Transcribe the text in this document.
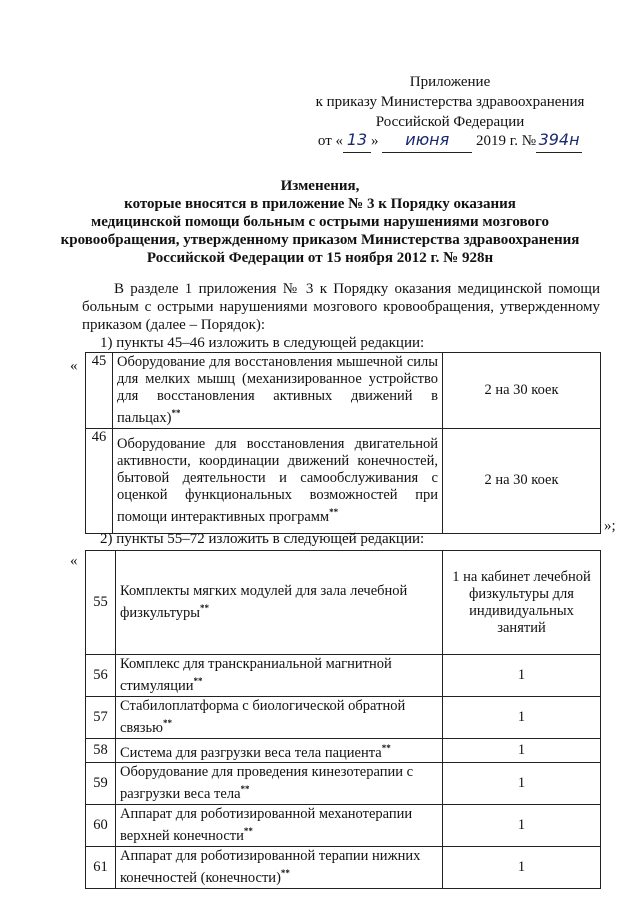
Приложение
к приказу Министерства здравоохранения
Российской Федерации
от « 13 » июня 2019 г. № 394н
Изменения,
которые вносятся в приложение № 3 к Порядку оказания
медицинской помощи больным с острыми нарушениями мозгового
кровообращения, утвержденному приказом Министерства здравоохранения
Российской Федерации от 15 ноября 2012 г. № 928н
В разделе 1 приложения № 3 к Порядку оказания медицинской помощи
больным с острыми нарушениями мозгового кровообращения, утвержденному
приказом (далее – Порядок):
1) пункты 45–46 изложить в следующей редакции:
« 45	Оборудование для восстановления мышечной силы для мелких мышц (механизированное устройство для восстановления активных движений в пальцах)**	2 на 30 коек
46	Оборудование для восстановления двигательной активности, координации движений конечностей, бытовой деятельности и самообслуживания с оценкой функциональных возможностей при помощи интерактивных программ**	2 на 30 коек
»;
2) пункты 55–72 изложить в следующей редакции:
«
55	Комплекты мягких модулей для зала лечебной физкультуры**	1 на кабинет лечебной физкультуры для индивидуальных занятий
56	Комплекс для транскраниальной магнитной стимуляции**	1
57	Стабилоплатформа с биологической обратной связью**	1
58	Система для разгрузки веса тела пациента**	1
59	Оборудование для проведения кинезотерапии с разгрузки веса тела**	1
60	Аппарат для роботизированной механотерапии верхней конечности**	1
61	Аппарат для роботизированной терапии нижних конечностей (конечности)**	1
